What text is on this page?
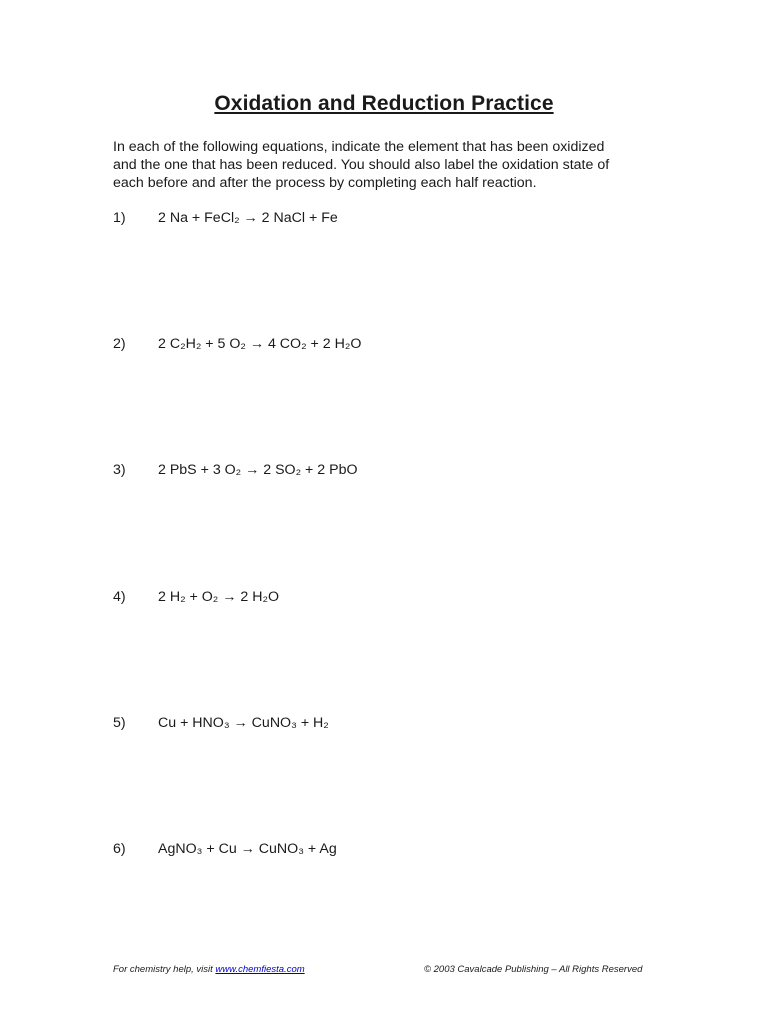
Oxidation and Reduction Practice
In each of the following equations, indicate the element that has been oxidized
and the one that has been reduced. You should also label the oxidation state of
each before and after the process by completing each half reaction.
1) 2 Na + FeCl₂ → 2 NaCl + Fe
2) 2 C₂H₂ + 5 O₂ → 4 CO₂ + 2 H₂O
3) 2 PbS + 3 O₂ → 2 SO₂ + 2 PbO
4) 2 H₂ + O₂ → 2 H₂O
5) Cu + HNO₃ → CuNO₃ + H₂
6) AgNO₃ + Cu → CuNO₃ + Ag
For chemistry help, visit www.chemfiesta.com	© 2003 Cavalcade Publishing – All Rights Reserved
